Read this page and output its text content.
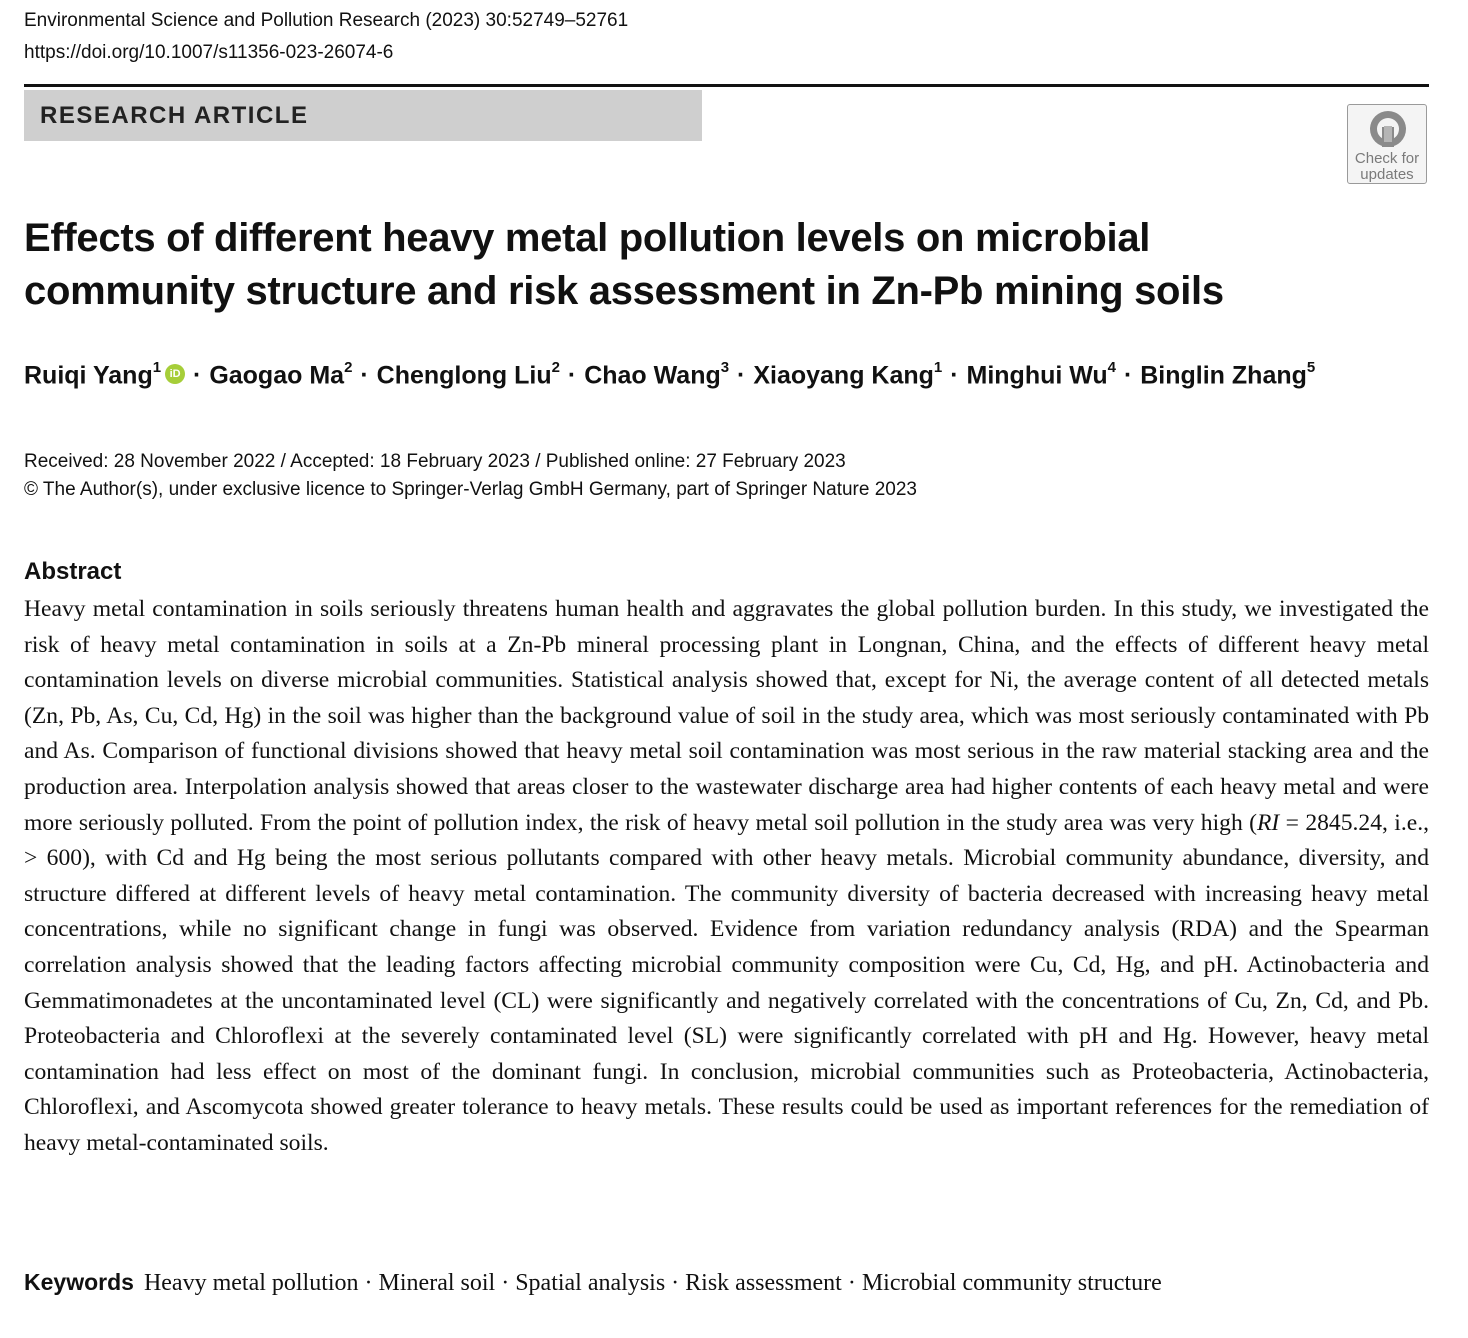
Environmental Science and Pollution Research (2023) 30:52749–52761
https://doi.org/10.1007/s11356-023-26074-6
RESEARCH ARTICLE
Check for updates
Effects of different heavy metal pollution levels on microbial community structure and risk assessment in Zn-Pb mining soils
Ruiqi Yang$^1$ iD · Gaogao $Ma^2$ · Chenglong Liu$^2$ · Chao Wang$^3$ · Xiaoyang Kang$^1$ · Minghui $Wu^4$ · Binglin Zhang$^5$
Received: 28 November 2022 / Accepted: 18 February 2023 / Published online: 27 February 2023
© The Author(s), under exclusive licence to Springer-Verlag GmbH Germany, part of Springer Nature 2023
Abstract

Heavy metal contamination in soils seriously threatens human health and aggravates the global pollution burden. In this study, we investigated the risk of heavy metal contamination in soils at a Zn-Pb mineral processing plant in Longnan, China, and the effects of different heavy metal contamination levels on diverse microbial communities. Statistical analysis showed that, except for Ni, the average content of all detected metals (Zn, Pb, As, Cu, Cd, Hg) in the soil was higher than the background value of soil in the study area, which was most seriously contaminated with Pb and As. Comparison of functional divisions showed that heavy metal soil contamination was most serious in the raw material stacking area and the production area. Interpolation analysis showed that areas closer to the wastewater discharge area had higher contents of each heavy metal and were more seriously polluted. From the point of pollution index, the risk of heavy metal soil pollution in the study area was very high (RI = 2845.24, i.e., > 600), with Cd and Hg being the most serious pollutants compared with other heavy metals. Microbial community abundance, diversity, and structure differed at different levels of heavy metal contamination. The community diversity of bacteria decreased with increasing heavy metal concentrations, while no significant change in fungi was observed. Evidence from variation redundancy analysis (RDA) and the Spearman correlation analysis showed that the leading factors affecting microbial community composition were Cu, Cd, Hg, and pH. Actinobacteria and Gemmatimonadetes at the uncontaminated level (CL) were significantly and negatively correlated with the concentrations of Cu, Zn, Cd, and Pb. Proteobacteria and Chloroflexi at the severely contaminated level (SL) were significantly correlated with pH and Hg. However, heavy metal contamination had less effect on most of the dominant fungi. In conclusion, microbial communities such as Proteobacteria, Actinobacteria, Chloroflexi, and Ascomycota showed greater tolerance to heavy metals. These results could be used as important references for the remediation of heavy metal-contaminated soils.

Keywords Heavy metal pollution · Mineral soil · Spatial analysis · Risk assessment · Microbial community structure
